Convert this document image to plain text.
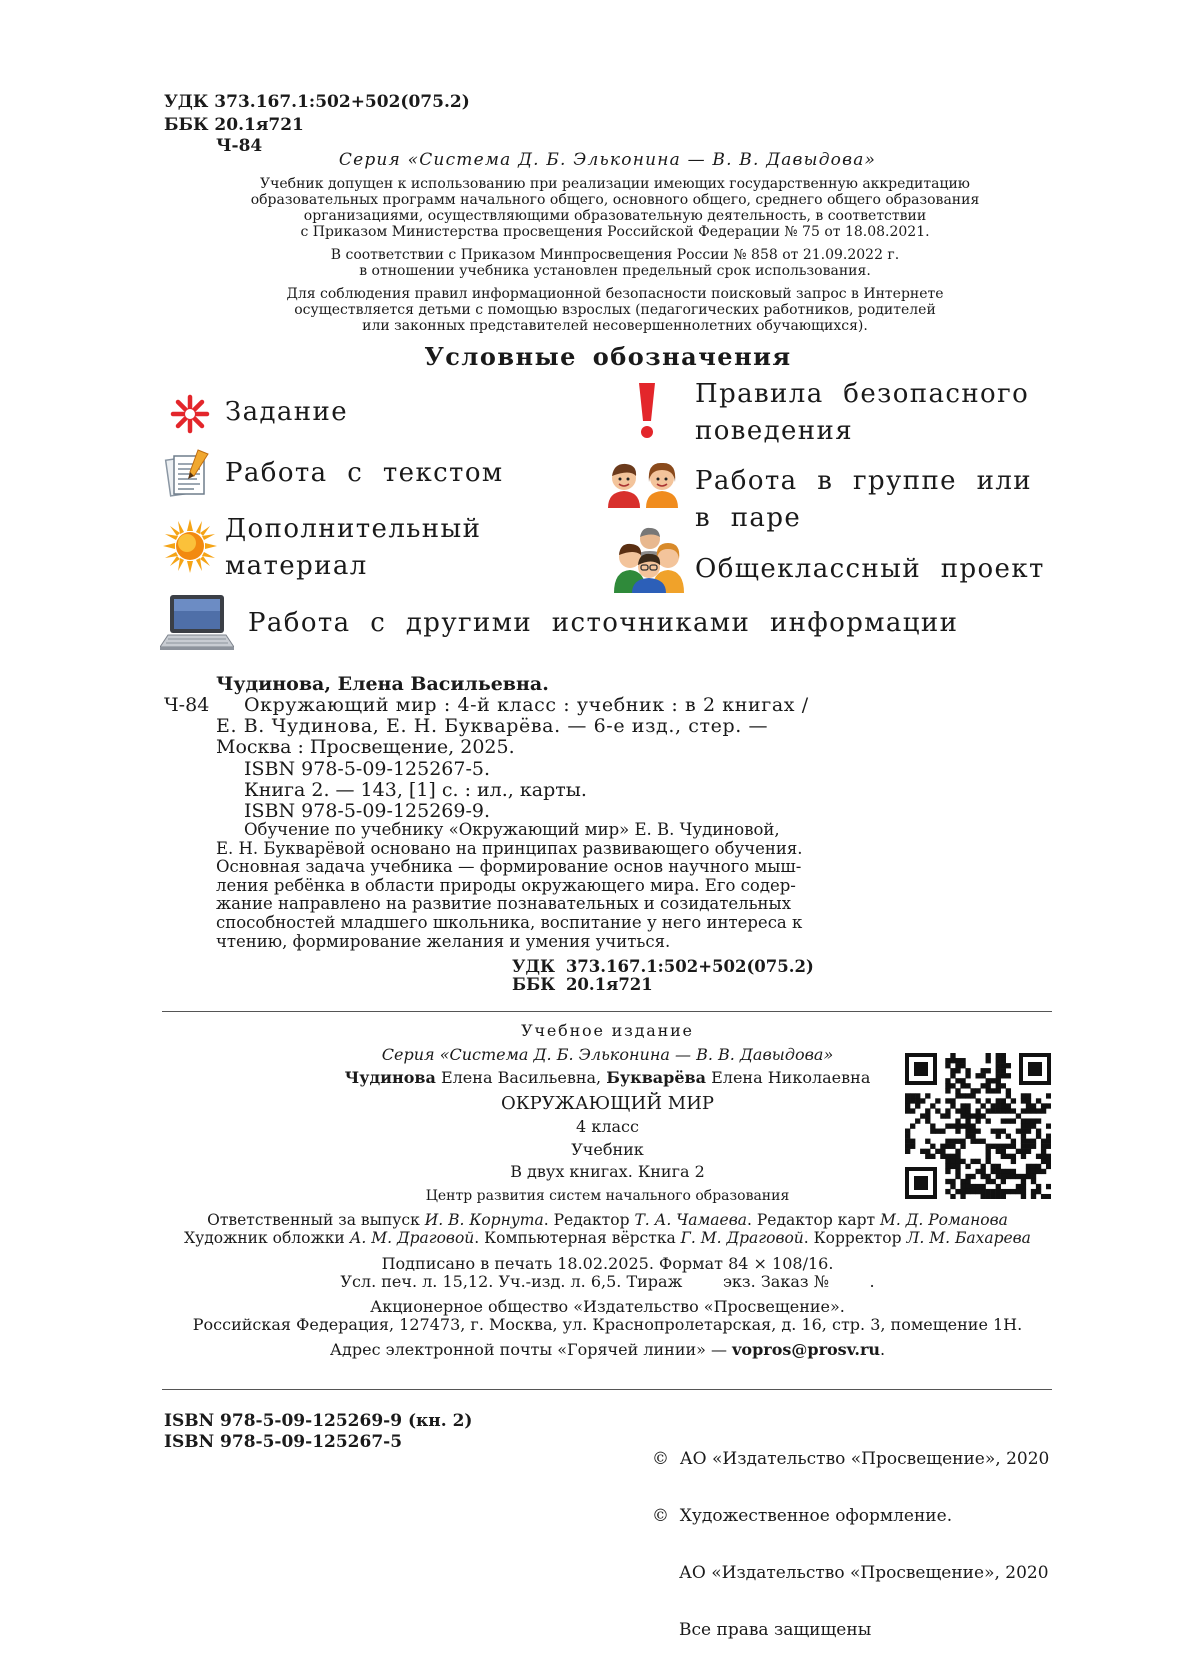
УДК 373.167.1:502+502(075.2)
ББК 20.1я721
Ч-84
Серия «Система Д. Б. Эльконина — В. В. Давыдова»
Учебник допущен к использованию при реализации имеющих государственную аккредитацию
образовательных программ начального общего, основного общего, среднего общего образования
организациями, осуществляющими образовательную деятельность, в соответствии
с Приказом Министерства просвещения Российской Федерации № 75 от 18.08.2021.
В соответствии с Приказом Минпросвещения России № 858 от 21.09.2022 г.
в отношении учебника установлен предельный срок использования.
Для соблюдения правил информационной безопасности поисковый запрос в Интернете
осуществляется детьми с помощью взрослых (педагогических работников, родителей
или законных представителей несовершеннолетних обучающихся).
Условные обозначения
Задание
Работа с текстом
Дополнительный
материал
Правила безопасного
поведения
Работа в группе или
в паре
Общеклассный проект
Работа с другими источниками информации
Чудинова, Елена Васильевна.
Ч-84 Окружающий мир : 4-й класс : учебник : в 2 книгах /
Е. В. Чудинова, Е. Н. Букварёва. — 6-е изд., стер. —
Москва : Просвещение, 2025.
ISBN 978-5-09-125267-5.
Книга 2. — 143, [1] с. : ил., карты.
ISBN 978-5-09-125269-9.
Обучение по учебнику «Окружающий мир» Е. В. Чудиновой,
Е. Н. Букварёвой основано на принципах развивающего обучения.
Основная задача учебника — формирование основ научного мыш-
ления ребёнка в области природы окружающего мира. Его содер-
жание направлено на развитие познавательных и созидательных
способностей младшего школьника, воспитание у него интереса к
чтению, формирование желания и умения учиться.
УДК 373.167.1:502+502(075.2)
ББК 20.1я721
Учебное издание
Серия «Система Д. Б. Эльконина — В. В. Давыдова»
Чудинова Елена Васильевна, Букварёва Елена Николаевна
ОКРУЖАЮЩИЙ МИР
4 класс
Учебник
В двух книгах. Книга 2
Центр развития систем начального образования
Ответственный за выпуск И. В. Корнута. Редактор Т. А. Чамаева. Редактор карт М. Д. Романова
Художник обложки А. М. Драговой. Компьютерная вёрстка Г. М. Драговой. Корректор Л. М. Бахарева
Подписано в печать 18.02.2025. Формат 84 × 108/16.
Усл. печ. л. 15,12. Уч.-изд. л. 6,5. Тираж        экз. Заказ №        .
Акционерное общество «Издательство «Просвещение».
Российская Федерация, 127473, г. Москва, ул. Краснопролетарская, д. 16, стр. 3, помещение 1Н.
Адрес электронной почты «Горячей линии» — vopros@prosv.ru.
ISBN 978-5-09-125269-9 (кн. 2)
ISBN 978-5-09-125267-5

©  АО «Издательство «Просвещение», 2020

©  Художественное оформление.

АО «Издательство «Просвещение», 2020

Все права защищены
